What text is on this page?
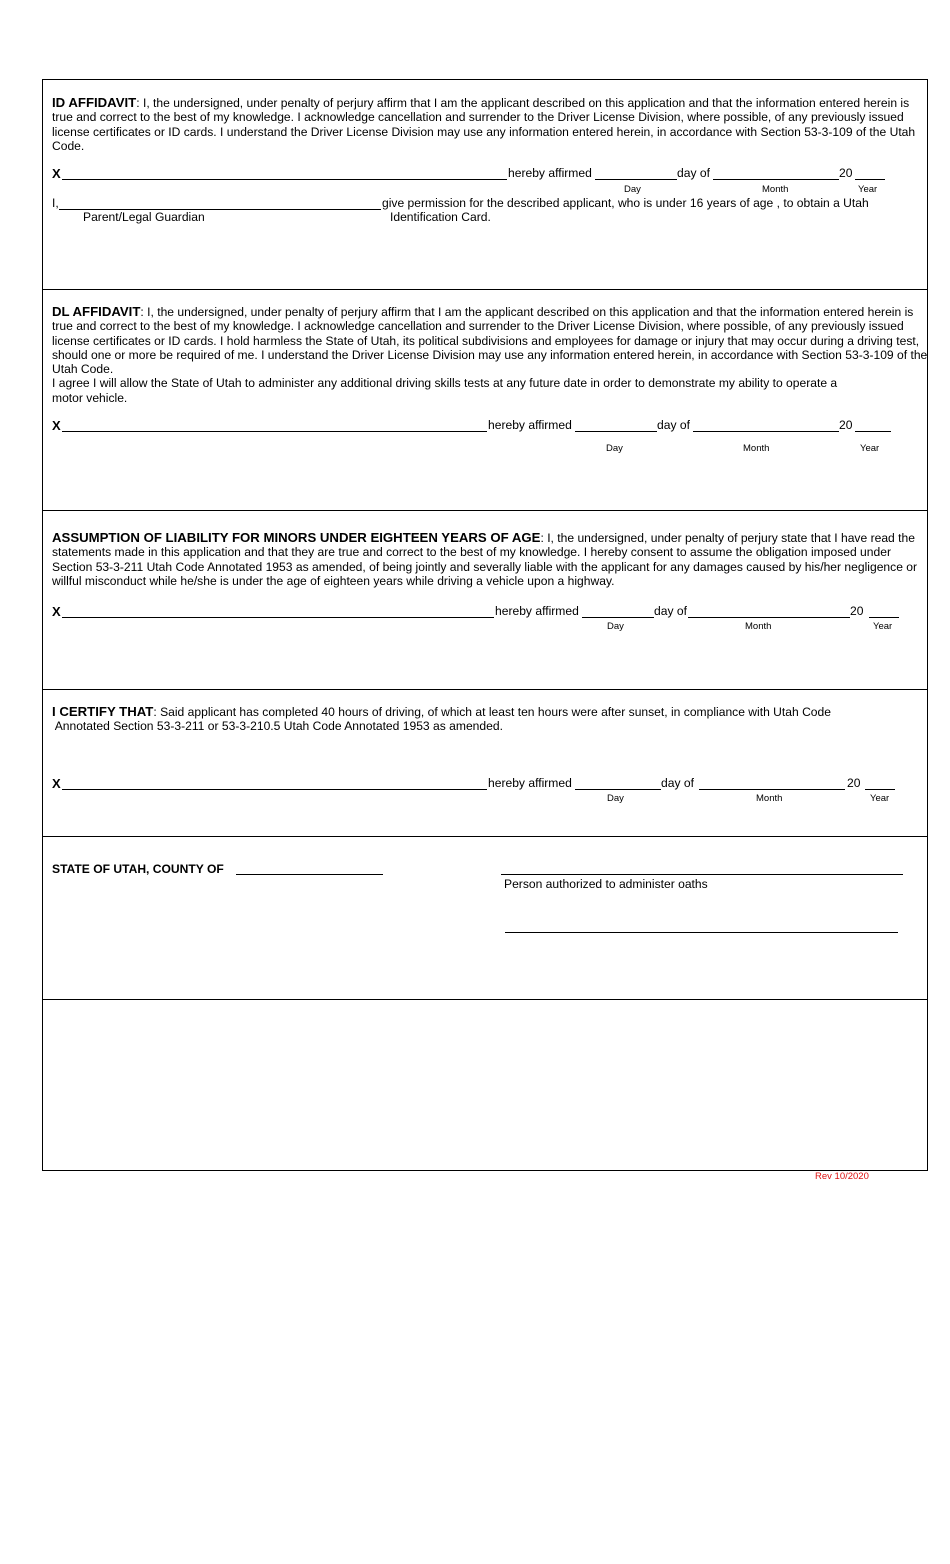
ID AFFIDAVIT: I, the undersigned, under penalty of perjury affirm that I am the applicant described on this application and that the information entered herein is true and correct to the best of my knowledge. I acknowledge cancellation and surrender to the Driver License Division, where possible, of any previously issued license certificates or ID cards. I understand the Driver License Division may use any information entered herein, in accordance with Section 53-3-109 of the Utah Code.
X	hereby affirmed	day of	20
Day	Month	Year
I,	give permission for the described applicant, who is under 16 years of age , to obtain a Utah
Identification Card.
Parent/Legal Guardian
DL AFFIDAVIT: I, the undersigned, under penalty of perjury affirm that I am the applicant described on this application and that the information entered herein is true and correct to the best of my knowledge. I acknowledge cancellation and surrender to the Driver License Division, where possible, of any previously issued license certificates or ID cards. I hold harmless the State of Utah, its political subdivisions and employees for damage or injury that may occur during a driving test, should one or more be required of me. I understand the Driver License Division may use any information entered herein, in accordance with Section 53-3-109 of the Utah Code.
I agree I will allow the State of Utah to administer any additional driving skills tests at any future date in order to demonstrate my ability to operate a motor vehicle.
X	hereby affirmed	day of	20
Day	Month	Year
ASSUMPTION OF LIABILITY FOR MINORS UNDER EIGHTEEN YEARS OF AGE: I, the undersigned, under penalty of perjury state that I have read the statements made in this application and that they are true and correct to the best of my knowledge. I hereby consent to assume the obligation imposed under Section 53-3-211 Utah Code Annotated 1953 as amended, of being jointly and severally liable with the applicant for any damages caused by his/her negligence or willful misconduct while he/she is under the age of eighteen years while driving a vehicle upon a highway.
X	hereby affirmed	day of	20
Day	Month	Year
I CERTIFY THAT: Said applicant has completed 40 hours of driving, of which at least ten hours were after sunset, in compliance with Utah Code
Annotated Section 53-3-211 or 53-3-210.5 Utah Code Annotated 1953 as amended.
X	hereby affirmed	day of	20
Day	Month	Year
STATE OF UTAH, COUNTY OF
Person authorized to administer oaths
Rev 10/2020
